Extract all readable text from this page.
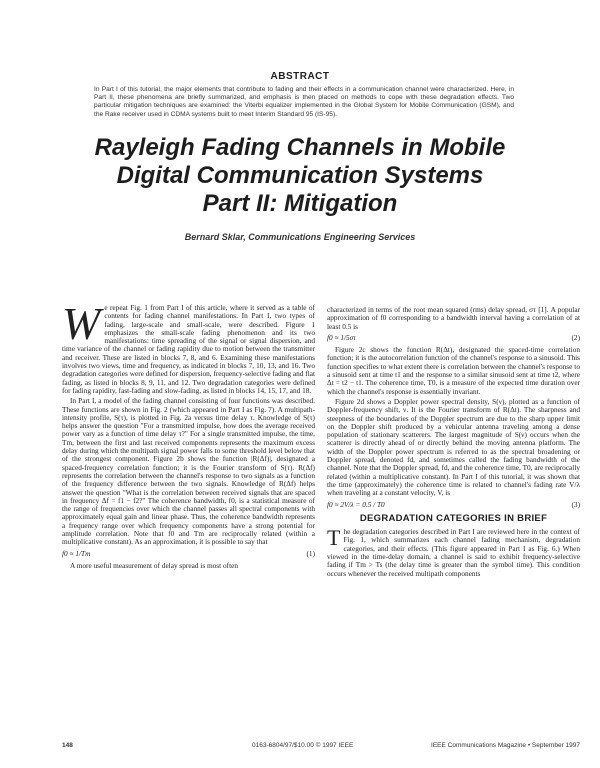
ABSTRACT
In Part I of this tutorial, the major elements that contribute to fading and their effects in a communication channel were characterized. Here, in Part II, these phenomena are briefly summarized, and emphasis is then placed on methods to cope with these degradation effects. Two particular mitigation techniques are examined: the Viterbi equalizer implemented in the Global System for Mobile Communication (GSM), and the Rake receiver used in CDMA systems built to meet Interim Standard 95 (IS-95).
Rayleigh Fading Channels in Mobile
Digital Communication Systems
Part II: Mitigation
Bernard Sklar, Communications Engineering Services
W e repeat Fig. 1 from Part I of this article, where it served as a table of contents for fading channel manifestations. In Part I, two types of fading, large-scale and small-scale, were described. Figure 1 emphasizes the small-scale fading phenomenon and its two manifestations: time spreading of the signal or signal dispersion, and time variance of the channel or fading rapidity due to motion between the transmitter and receiver. These are listed in blocks 7, 8, and 6. Examining these manifestations involves two views, time and frequency, as indicated in blocks 7, 10, 13, and 16. Two degradation categories were defined for dispersion, frequency-selective fading and flat fading, as listed in blocks 8, 9, 11, and 12. Two degradation categories were defined for fading rapidity, fast-fading and slow-fading, as listed in blocks 14, 15, 17, and 18.

In Part I, a model of the fading channel consisting of four functions was described. These functions are shown in Fig. 2 (which appeared in Part I as Fig. 7). A multipath-intensity profile, S(τ), is plotted in Fig. 2a versus time delay τ. Knowledge of S(τ) helps answer the question "For a transmitted impulse, how does the average received power vary as a function of time delay τ?" For a single transmitted impulse, the time, Tm, between the first and last received components represents the maximum excess delay during which the multipath signal power falls to some threshold level below that of the strongest component. Figure 2b shows the function |R(Δf)|, designated a spaced-frequency correlation function; it is the Fourier transform of S(τ). R(Δf) represents the correlation between the channel's response to two signals as a function of the frequency difference between the two signals. Knowledge of R(Δf) helps answer the question "What is the correlation between received signals that are spaced in frequency Δf = f1 − f2?" The coherence bandwidth, f0, is a statistical measure of the range of frequencies over which the channel passes all spectral components with approximately equal gain and linear phase. Thus, the coherence bandwidth represents a frequency range over which frequency components have a strong potential for amplitude correlation. Note that f0 and Tm are reciprocally related (within a multiplicative constant). As an approximation, it is possible to say that

f0 ≈ 1/Tm	(1)

A more useful measurement of delay spread is most often

characterized in terms of the root mean squared (rms) delay spread, στ [1]. A popular approximation of f0 corresponding to a bandwidth interval having a correlation of at least 0.5 is

f0 ≈ 1/5στ	(2)

Figure 2c shows the function R(Δt), designated the spaced-time correlation function; it is the autocorrelation function of the channel's response to a sinusoid. This function specifies to what extent there is correlation between the channel's response to a sinusoid sent at time t1 and the response to a similar sinusoid sent at time t2, where Δt = t2 − t1. The coherence time, T0, is a measure of the expected time duration over which the channel's response is essentially invariant.

Figure 2d shows a Doppler power spectral density, S(ν), plotted as a function of Doppler-frequency shift, ν. It is the Fourier transform of R(Δt). The sharpness and steepness of the boundaries of the Doppler spectrum are due to the sharp upper limit on the Doppler shift produced by a vehicular antenna traveling among a dense population of stationary scatterers. The largest magnitude of S(ν) occurs when the scatterer is directly ahead of or directly behind the moving antenna platform. The width of the Doppler power spectrum is referred to as the spectral broadening or Doppler spread, denoted fd, and sometimes called the fading bandwidth of the channel. Note that the Doppler spread, fd, and the coherence time, T0, are reciprocally related (within a multiplicative constant). In Part I of this tutorial, it was shown that the time (approximately) the coherence time is related to channel's fading rate V/λ when traveling at a constant velocity, V, is

f0 ≈ 2V/λ = 0.5 / T0	(3)
DEGRADATION CATEGORIES IN BRIEF
T he degradation categories described in Part I are reviewed here in the context of Fig. 1, which summarizes each channel fading mechanism, degradation categories, and their effects. (This figure appeared in Part I as Fig. 6.) When viewed in the time-delay domain, a channel is said to exhibit frequency-selective fading if Tm > Ts (the delay time is greater than the symbol time). This condition occurs whenever the received multipath components

148	0163-6804/97/$10.00 © 1997 IEEE	IEEE Communications Magazine • September 1997
